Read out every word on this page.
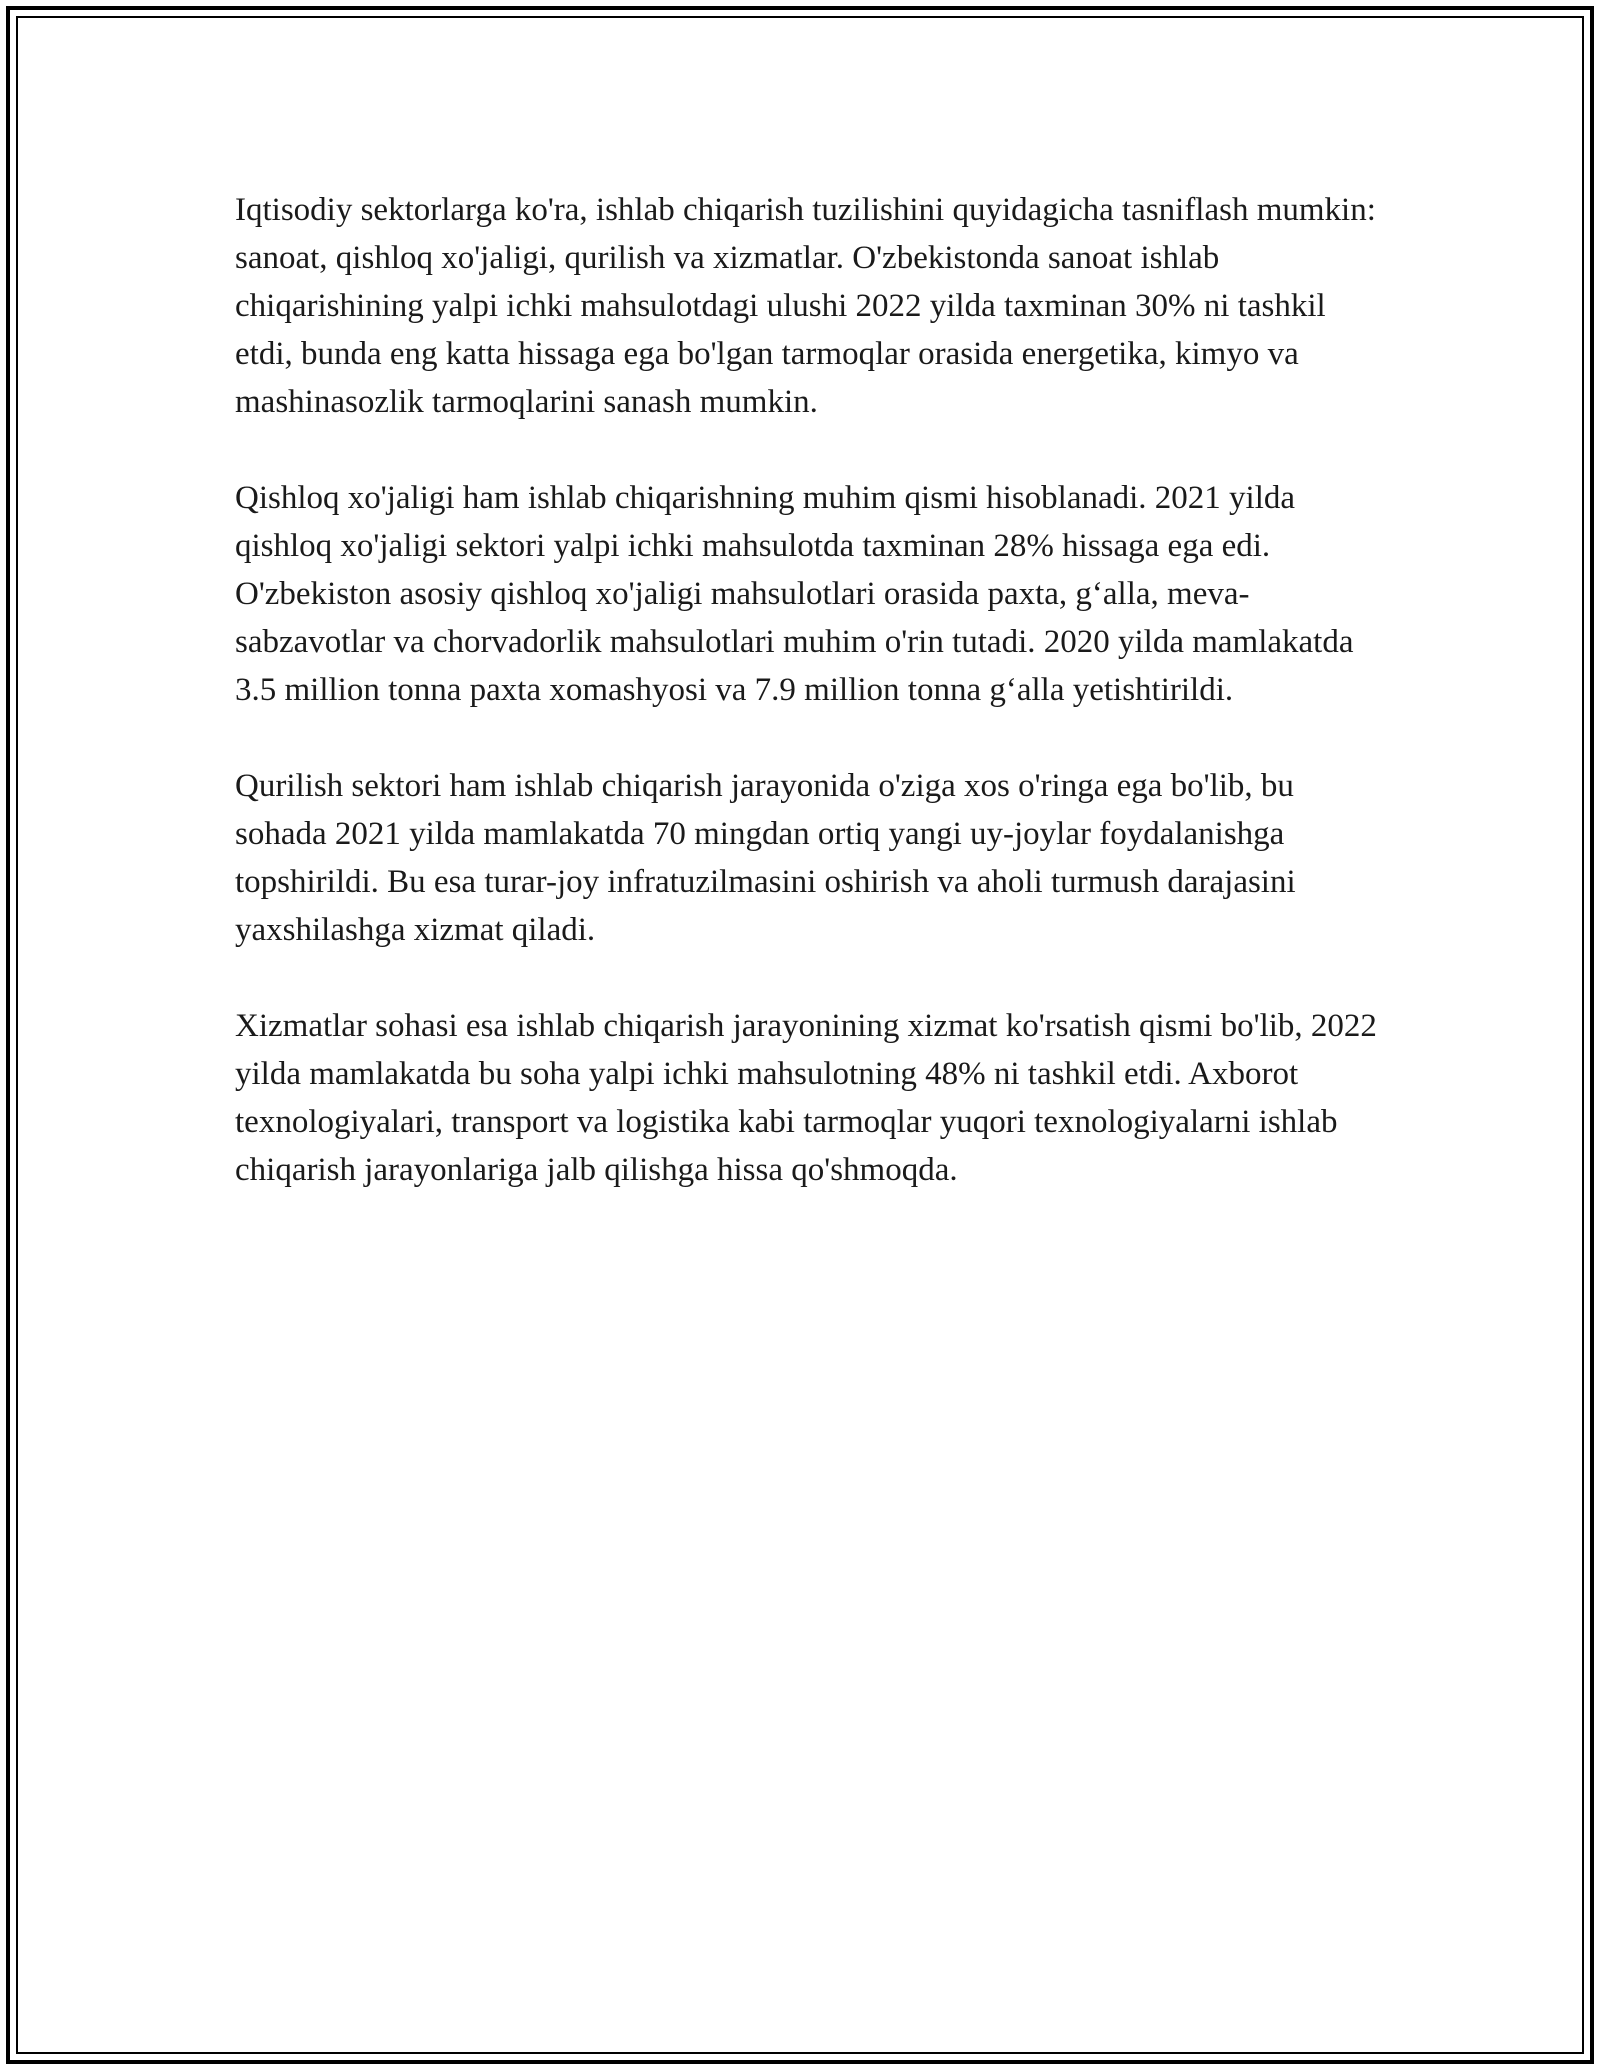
Iqtisodiy sektorlarga ko'ra, ishlab chiqarish tuzilishini quyidagicha tasniflash mumkin: sanoat, qishloq xo'jaligi, qurilish va xizmatlar. O'zbekistonda sanoat ishlab chiqarishining yalpi ichki mahsulotdagi ulushi 2022 yilda taxminan 30% ni tashkil etdi, bunda eng katta hissaga ega bo'lgan tarmoqlar orasida energetika, kimyo va mashinasozlik tarmoqlarini sanash mumkin.

Qishloq xo'jaligi ham ishlab chiqarishning muhim qismi hisoblanadi. 2021 yilda qishloq xo'jaligi sektori yalpi ichki mahsulotda taxminan 28% hissaga ega edi. O'zbekiston asosiy qishloq xo'jaligi mahsulotlari orasida paxta, g‘alla, meva-sabzavotlar va chorvadorlik mahsulotlari muhim o'rin tutadi. 2020 yilda mamlakatda 3.5 million tonna paxta xomashyosi va 7.9 million tonna g‘alla yetishtirildi.

Qurilish sektori ham ishlab chiqarish jarayonida o'ziga xos o'ringa ega bo'lib, bu sohada 2021 yilda mamlakatda 70 mingdan ortiq yangi uy-joylar foydalanishga topshirildi. Bu esa turar-joy infratuzilmasini oshirish va aholi turmush darajasini yaxshilashga xizmat qiladi.

Xizmatlar sohasi esa ishlab chiqarish jarayonining xizmat ko'rsatish qismi bo'lib, 2022 yilda mamlakatda bu soha yalpi ichki mahsulotning 48% ni tashkil etdi. Axborot texnologiyalari, transport va logistika kabi tarmoqlar yuqori texnologiyalarni ishlab chiqarish jarayonlariga jalb qilishga hissa qo'shmoqda.
